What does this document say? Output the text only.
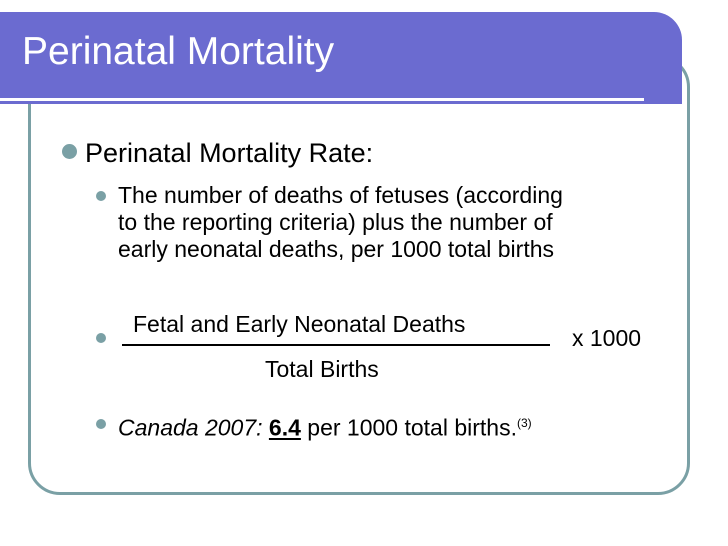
Perinatal Mortality
Perinatal Mortality Rate:
The number of deaths of fetuses (according
to the reporting criteria) plus the number of
early neonatal deaths, per 1000 total births
Fetal and Early Neonatal Deaths
x 1000
Total Births
Canada 2007: 6.4 per 1000 total births.$^{(3)}$
